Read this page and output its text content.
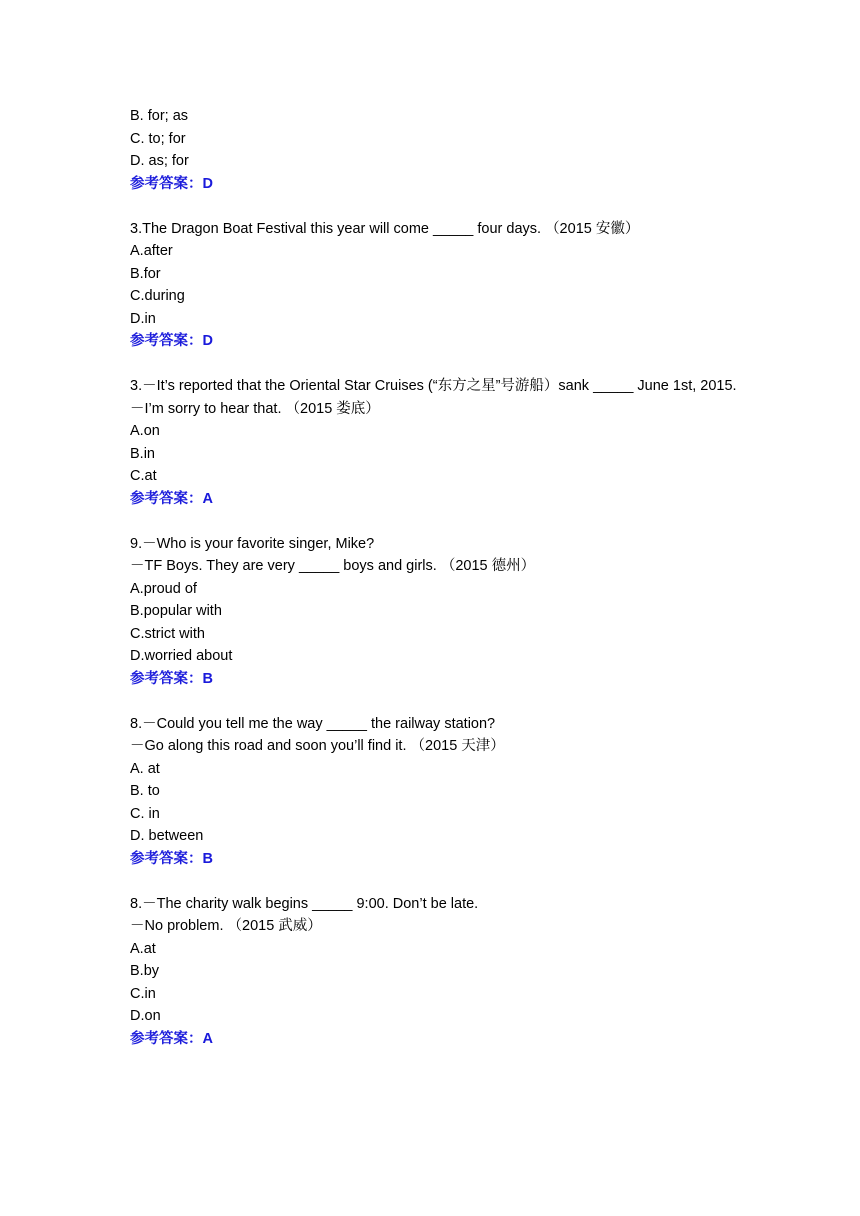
B. for; as
C. to; for
D. as; for
参考答案：D
3.The Dragon Boat Festival this year will come _____ four days. （2015 安徽）
A.after
B.for
C.during
D.in
参考答案：D
3.－It’s reported that the Oriental Star Cruises (“东方之星”号游船）sank _____ June 1st, 2015.
－I’m sorry to hear that. （2015 娄底）
A.on
B.in
C.at
参考答案：A
9.－Who is your favorite singer, Mike?
－TF Boys. They are very _____ boys and girls. （2015 德州）
A.proud of
B.popular with
C.strict with
D.worried about
参考答案：B
8.－Could you tell me the way _____ the railway station?
－Go along this road and soon you’ll find it. （2015 天津）
A. at
B. to
C. in
D. between
参考答案：B
8.－The charity walk begins _____ 9:00. Don’t be late.
－No problem. （2015 武威）
A.at
B.by
C.in
D.on
参考答案：A
